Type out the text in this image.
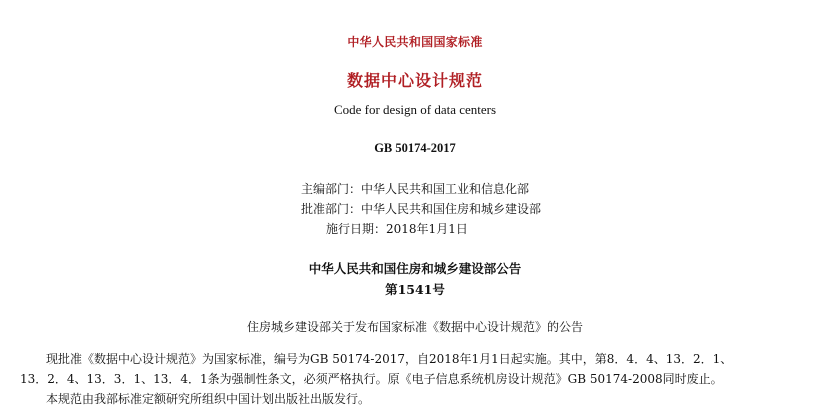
中华人民共和国国家标准
数据中心设计规范
Code for design of data centers
GB 50174-2017
主编部门：中华人民共和国工业和信息化部
批准部门：中华人民共和国住房和城乡建设部
施行日期：2018年1月1日
中华人民共和国住房和城乡建设部公告
第1541号
住房城乡建设部关于发布国家标准《数据中心设计规范》的公告
现批准《数据中心设计规范》为国家标准，编号为GB 50174-2017，自2018年1月1日起实施。其中，第8．4．4、13．2．1、
13．2．4、13．3．1、13．4．1条为强制性条文，必须严格执行。原《电子信息系统机房设计规范》GB 50174-2008同时废止。
本规范由我部标准定额研究所组织中国计划出版社出版发行。
